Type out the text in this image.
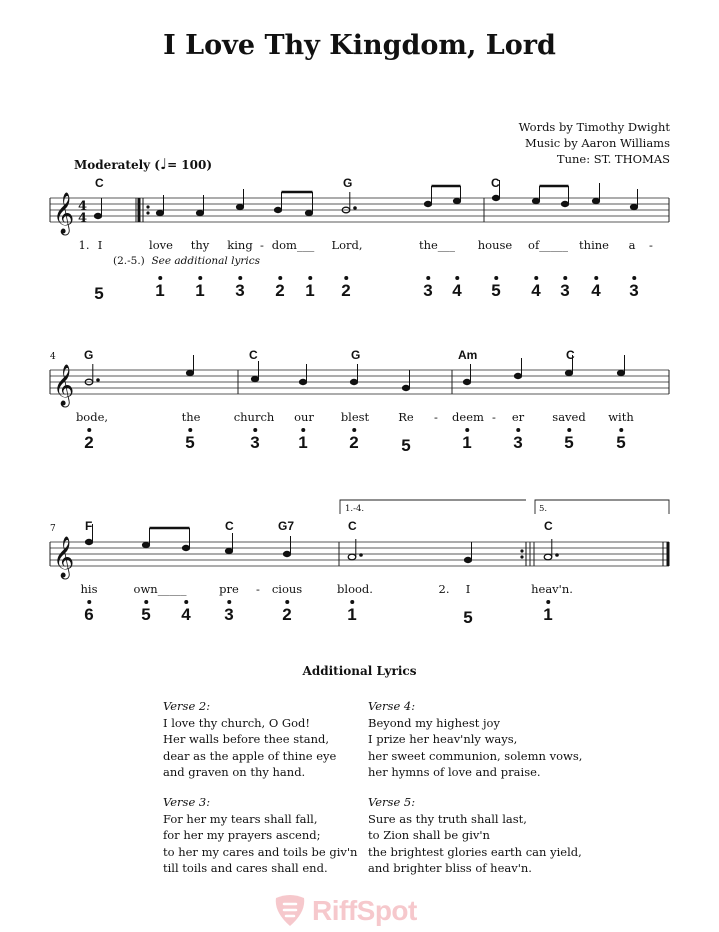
I Love Thy Kingdom, Lord
Words by Timothy Dwight
Music by Aaron Williams
Tune: ST. THOMAS
Moderately (♩= 100)
𝄞
𝄞
𝄞
4
4
4
7
1.-4.	5.
C	G	C
1. I	love thy king - dom___ Lord,	the___ house of_____ thine a -
(2.-5.) See additional lyrics
5	1 1 3 2 1 2	3 4 5 4 3 4 3
G	C	G	Am	C
bode,	the	church our blest	Re - deem - er saved with
2	5	3 1 2	5	1 3 5	5
F	C	G7	C	C
his	own_____	pre - cious	blood.	2. I	heav'n.
6	5 4 3	2	1	5	1
Additional Lyrics
Verse 2:
I love thy church, O God!
Her walls before thee stand,
dear as the apple of thine eye
and graven on thy hand.
Verse 3:
For her my tears shall fall,
for her my prayers ascend;
to her my cares and toils be giv'n
till toils and cares shall end.
Verse 4:
Beyond my highest joy
I prize her heav'nly ways,
her sweet communion, solemn vows,
her hymns of love and praise.
Verse 5:
Sure as thy truth shall last,
to Zion shall be giv'n
the brightest glories earth can yield,
and brighter bliss of heav'n.
RiffSpot
